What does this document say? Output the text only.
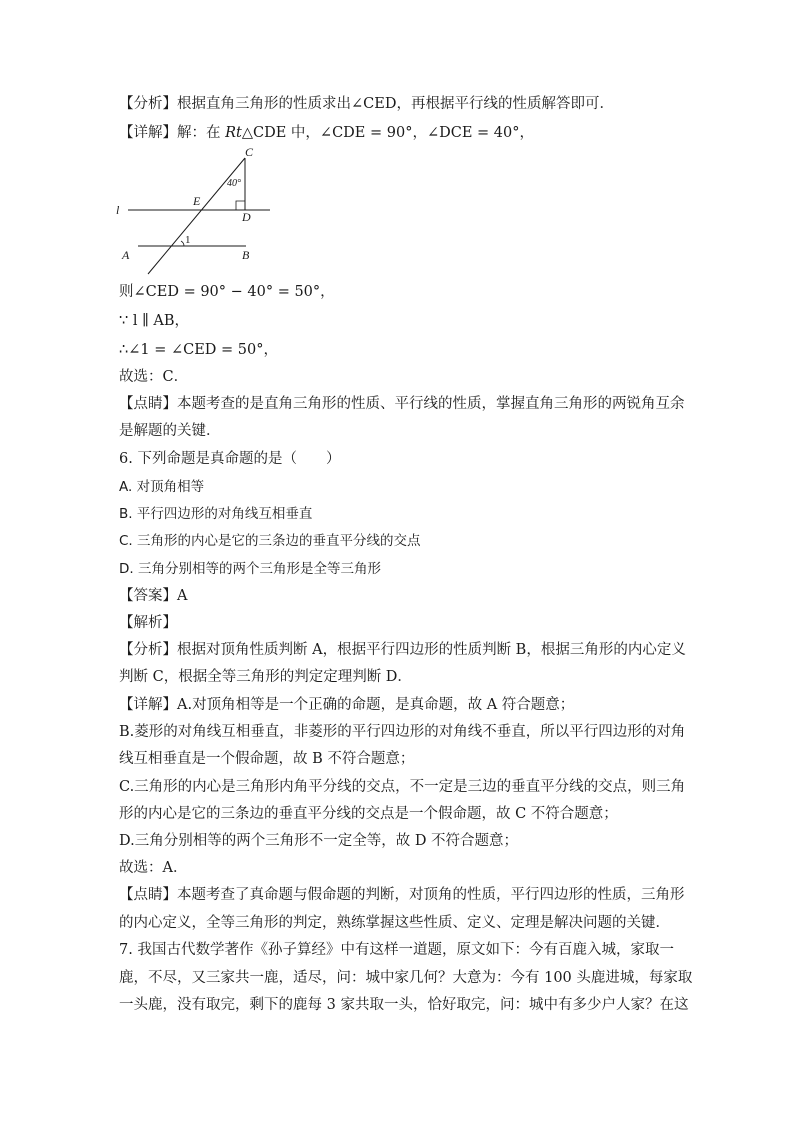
【分析】根据直角三角形的性质求出∠CED，再根据平行线的性质解答即可．
【详解】解：在 Rt△CDE 中，∠CDE = 90°，∠DCE = 40°，
C
40°
E
l	D
1
A	B
则∠CED = 90° − 40° = 50°，
∵ l ∥ AB，
∴∠1 = ∠CED = 50°，
故选：C．
【点睛】本题考查的是直角三角形的性质、平行线的性质，掌握直角三角形的两锐角互余
是解题的关键．
6. 下列命题是真命题的是（　　）
A. 对顶角相等
B. 平行四边形的对角线互相垂直
C. 三角形的内心是它的三条边的垂直平分线的交点
D. 三角分别相等的两个三角形是全等三角形
【答案】A
【解析】
【分析】根据对顶角性质判断 A，根据平行四边形的性质判断 B，根据三角形的内心定义
判断 C，根据全等三角形的判定定理判断 D．
【详解】A.对顶角相等是一个正确的命题，是真命题，故 A 符合题意；
B.菱形的对角线互相垂直，非菱形的平行四边形的对角线不垂直，所以平行四边形的对角
线互相垂直是一个假命题，故 B 不符合题意；
C.三角形的内心是三角形内角平分线的交点，不一定是三边的垂直平分线的交点，则三角
形的内心是它的三条边的垂直平分线的交点是一个假命题，故 C 不符合题意；
D.三角分别相等的两个三角形不一定全等，故 D 不符合题意；
故选：A．
【点睛】本题考查了真命题与假命题的判断，对顶角的性质，平行四边形的性质，三角形
的内心定义，全等三角形的判定，熟练掌握这些性质、定义、定理是解决问题的关键．
7. 我国古代数学著作《孙子算经》中有这样一道题，原文如下：今有百鹿入城，家取一
鹿，不尽，又三家共一鹿，适尽，问：城中家几何？大意为：今有 100 头鹿进城，每家取
一头鹿，没有取完，剩下的鹿每 3 家共取一头，恰好取完，问：城中有多少户人家？在这
